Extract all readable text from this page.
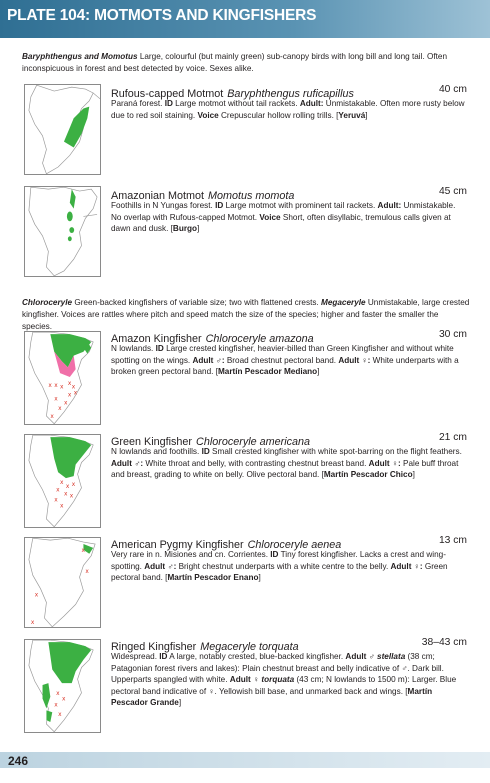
PLATE 104: MOTMOTS AND KINGFISHERS

Baryphthengus and Momotus Large, colourful (but mainly green) sub-canopy birds with long bill and long tail. Often inconspicuous in forest and best detected by voice. Sexes alike.

Rufous-capped Motmot Baryphthengus ruficapillus	40 cm

Paraná forest. ID Large motmot without tail rackets. Adult: Unmistakable. Often more rusty below due to red soil staining. Voice Crepuscular hollow rolling trills. [Yeruvá]

Amazonian Motmot Momotus momota	45 cm

Foothills in N Yungas forest. ID Large motmot with prominent tail rackets. Adult: Unmistakable. No overlap with Rufous-capped Motmot. Voice Short, often disyllabic, tremulous calls given at dawn and dusk. [Burgo]

Chloroceryle Green-backed kingfishers of variable size; two with flattened crests. Megaceryle Unmistakable, large crested kingfisher. Voices are rattles where pitch and speed match the size of the species; higher and faster the smaller the species.

x x x
x
x
x
x
x
x
x
x
Amazon Kingfisher Chloroceryle amazona	30 cm

N lowlands. ID Large crested kingfisher, heavier-billed than Green Kingfisher and without white spotting on the wings. Adult ♂: Broad chestnut pectoral band. Adult ♀: White underparts with a broken green pectoral band. [Martín Pescador Mediano]

x
x x
x
x x
x
x
Green Kingfisher Chloroceryle americana	21 cm

N lowlands and foothills. ID Small crested kingfisher with white spot-barring on the flight feathers. Adult ♂: White throat and belly, with contrasting chestnut breast band. Adult ♀: Pale buff throat and breast, grading to white on belly. Olive pectoral band. [Martín Pescador Chico]

x
x
x
x
American Pygmy Kingfisher Chloroceryle aenea	13 cm

Very rare in n. Misiones and cn. Corrientes. ID Tiny forest kingfisher. Lacks a crest and wing-spotting. Adult ♂: Bright chestnut underparts with a white centre to the belly. Adult ♀: Green pectoral band. [Martín Pescador Enano]

x
x
x
x
Ringed Kingfisher Megaceryle torquata	38–43 cm

Widespread. ID A large, notably crested, blue-backed kingfisher. Adult ♂ stellata (38 cm; Patagonian forest rivers and lakes): Plain chestnut breast and belly indicative of ♂. Dark bill. Upperparts spangled with white. Adult ♀ torquata (43 cm; N lowlands to 1500 m): Larger. Blue pectoral band indicative of ♀. Yellowish bill base, and unmarked back and wings. [Martín Pescador Grande]

246
